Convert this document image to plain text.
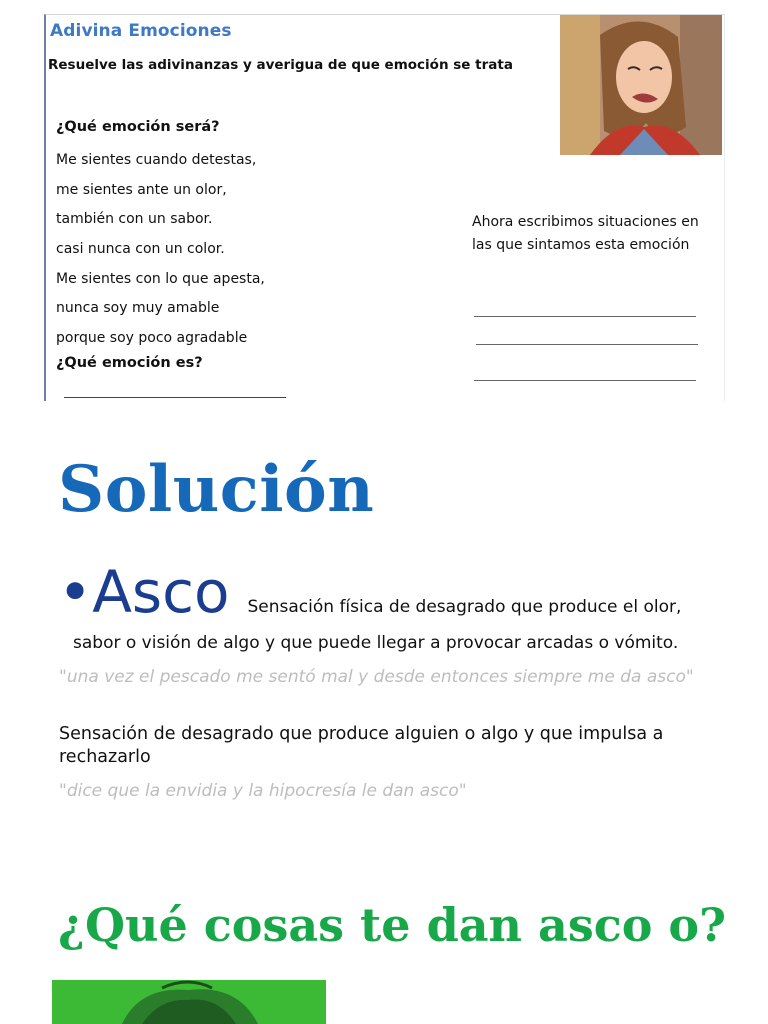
Adivina Emociones

Resuelve las adivinanzas y averigua de que emoción se trata

¿Qué emoción será?

Me sientes cuando detestas,
me sientes ante un olor,
también con un sabor.
casi nunca con un color.
Me sientes con lo que apesta,
nunca soy muy amable
porque soy poco agradable

¿Qué emoción es?

Ahora escribimos situaciones en las que sintamos esta emoción

Solución
•Asco Sensación física de desagrado que produce el olor,

sabor o visión de algo y que puede llegar a provocar arcadas o vómito.

"una vez el pescado me sentó mal y desde entonces siempre me da asco"

Sensación de desagrado que produce alguien o algo y que impulsa a rechazarlo

"dice que la envidia y la hipocresía le dan asco"

¿Qué cosas te dan asco o?
